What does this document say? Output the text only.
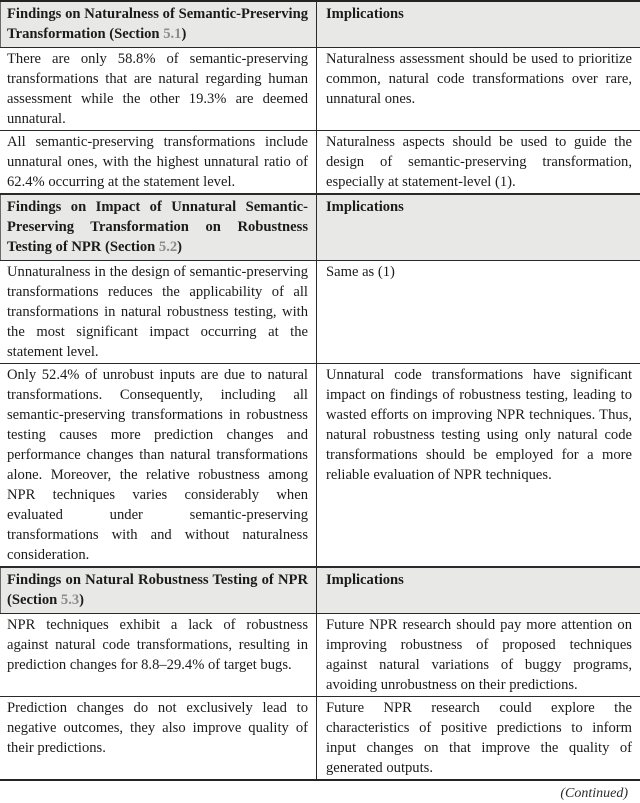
Findings on Naturalness of Semantic-Preserving Transformation (Section 5.1)
Implications
There are only 58.8% of semantic-preserving transformations that are natural regarding human assessment while the other 19.3% are deemed unnatural.
Naturalness assessment should be used to prioritize common, natural code transformations over rare, unnatural ones.
All semantic-preserving transformations include unnatural ones, with the highest unnatural ratio of 62.4% occurring at the statement level.
Naturalness aspects should be used to guide the design of semantic-preserving transformation, especially at statement-level (1).
Findings on Impact of Unnatural Semantic-Preserving Transformation on Robustness Testing of NPR (Section 5.2)
Implications
Unnaturalness in the design of semantic-preserving transformations reduces the applicability of all transformations in natural robustness testing, with the most significant impact occurring at the statement level.
Same as (1)
Only 52.4% of unrobust inputs are due to natural transformations. Consequently, including all semantic-preserving transformations in robustness testing causes more prediction changes and performance changes than natural transformations alone. Moreover, the relative robustness among NPR techniques varies considerably when evaluated under semantic-preserving transformations with and without naturalness consideration.
Unnatural code transformations have significant impact on findings of robustness testing, leading to wasted efforts on improving NPR techniques. Thus, natural robustness testing using only natural code transformations should be employed for a more reliable evaluation of NPR techniques.
Findings on Natural Robustness Testing of NPR (Section 5.3)
Implications
NPR techniques exhibit a lack of robustness against natural code transformations, resulting in prediction changes for 8.8–29.4% of target bugs.
Future NPR research should pay more attention on improving robustness of proposed techniques against natural variations of buggy programs, avoiding unrobustness on their predictions.
Prediction changes do not exclusively lead to negative outcomes, they also improve quality of their predictions.
Future NPR research could explore the characteristics of positive predictions to inform input changes on that improve the quality of generated outputs.
(Continued)
